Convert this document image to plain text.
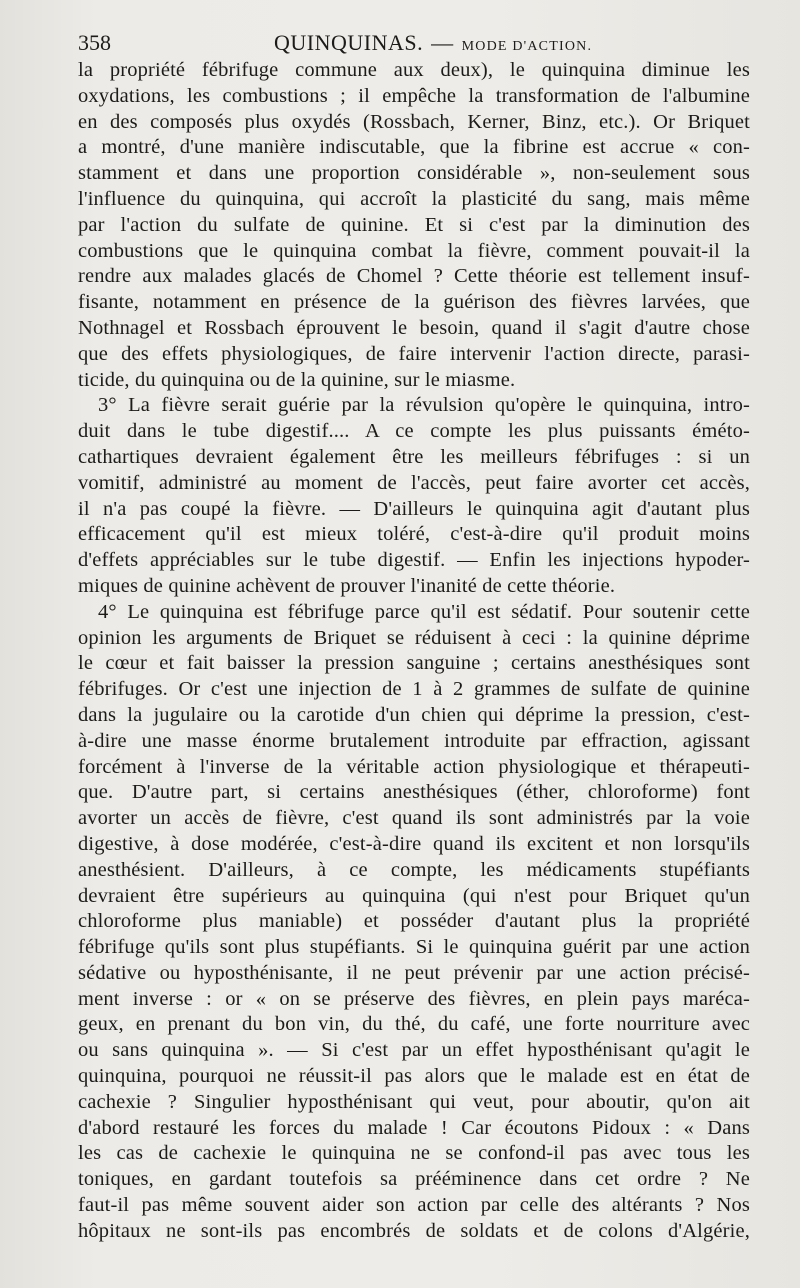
358	QUINQUINAS. — MODE D'ACTION.
la propriété fébrifuge commune aux deux), le quinquina diminue les
oxydations, les combustions ; il empêche la transformation de l'albumine
en des composés plus oxydés (Rossbach, Kerner, Binz, etc.). Or Briquet
a montré, d'une manière indiscutable, que la fibrine est accrue « con-
stamment et dans une proportion considérable », non-seulement sous
l'influence du quinquina, qui accroît la plasticité du sang, mais même
par l'action du sulfate de quinine. Et si c'est par la diminution des
combustions que le quinquina combat la fièvre, comment pouvait-il la
rendre aux malades glacés de Chomel ? Cette théorie est tellement insuf-
fisante, notamment en présence de la guérison des fièvres larvées, que
Nothnagel et Rossbach éprouvent le besoin, quand il s'agit d'autre chose
que des effets physiologiques, de faire intervenir l'action directe, parasi-
ticide, du quinquina ou de la quinine, sur le miasme.
3° La fièvre serait guérie par la révulsion qu'opère le quinquina, intro-
duit dans le tube digestif.... A ce compte les plus puissants éméto-
cathartiques devraient également être les meilleurs fébrifuges : si un
vomitif, administré au moment de l'accès, peut faire avorter cet accès,
il n'a pas coupé la fièvre. — D'ailleurs le quinquina agit d'autant plus
efficacement qu'il est mieux toléré, c'est-à-dire qu'il produit moins
d'effets appréciables sur le tube digestif. — Enfin les injections hypoder-
miques de quinine achèvent de prouver l'inanité de cette théorie.
4° Le quinquina est fébrifuge parce qu'il est sédatif. Pour soutenir cette
opinion les arguments de Briquet se réduisent à ceci : la quinine déprime
le cœur et fait baisser la pression sanguine ; certains anesthésiques sont
fébrifuges. Or c'est une injection de 1 à 2 grammes de sulfate de quinine
dans la jugulaire ou la carotide d'un chien qui déprime la pression, c'est-
à-dire une masse énorme brutalement introduite par effraction, agissant
forcément à l'inverse de la véritable action physiologique et thérapeuti-
que. D'autre part, si certains anesthésiques (éther, chloroforme) font
avorter un accès de fièvre, c'est quand ils sont administrés par la voie
digestive, à dose modérée, c'est-à-dire quand ils excitent et non lorsqu'ils
anesthésient. D'ailleurs, à ce compte, les médicaments stupéfiants
devraient être supérieurs au quinquina (qui n'est pour Briquet qu'un
chloroforme plus maniable) et posséder d'autant plus la propriété
fébrifuge qu'ils sont plus stupéfiants. Si le quinquina guérit par une action
sédative ou hyposthénisante, il ne peut prévenir par une action précisé-
ment inverse : or « on se préserve des fièvres, en plein pays maréca-
geux, en prenant du bon vin, du thé, du café, une forte nourriture avec
ou sans quinquina ». — Si c'est par un effet hyposthénisant qu'agit le
quinquina, pourquoi ne réussit-il pas alors que le malade est en état de
cachexie ? Singulier hyposthénisant qui veut, pour aboutir, qu'on ait
d'abord restauré les forces du malade ! Car écoutons Pidoux : « Dans
les cas de cachexie le quinquina ne se confond-il pas avec tous les
toniques, en gardant toutefois sa prééminence dans cet ordre ? Ne
faut-il pas même souvent aider son action par celle des altérants ? Nos
hôpitaux ne sont-ils pas encombrés de soldats et de colons d'Algérie,
